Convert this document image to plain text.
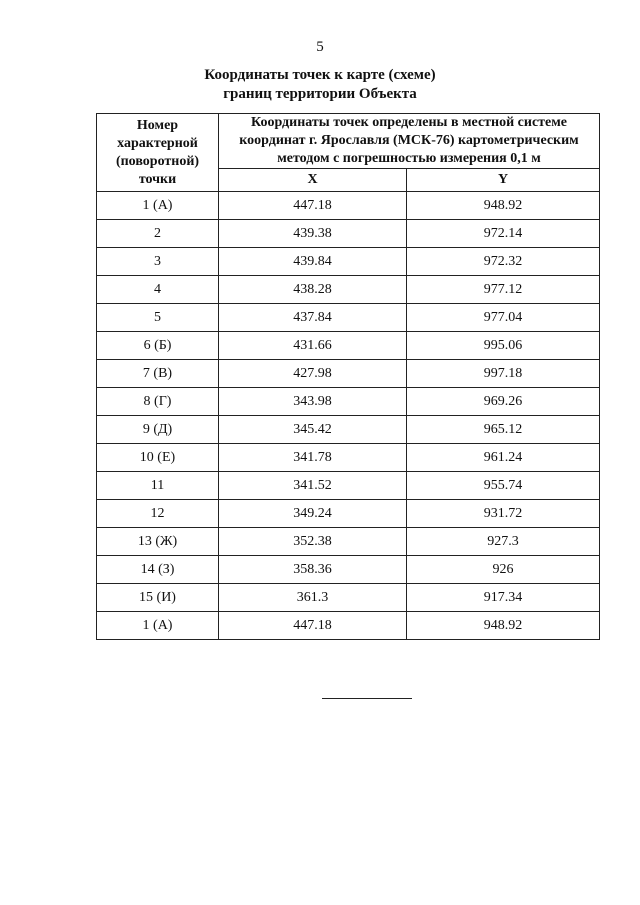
5
Координаты точек к карте (схеме)
границ территории Объекта
Номер
характерной
(поворотной)
точки	Координаты точек определены в местной системе
координат г. Ярославля (МСК-76) картометрическим
методом с погрешностью измерения 0,1 м	

	X	Y
1 (А)	447.18	948.92
2	439.38	972.14
3	439.84	972.32
4	438.28	977.12
5	437.84	977.04
6 (Б)	431.66	995.06
7 (В)	427.98	997.18
8 (Г)	343.98	969.26
9 (Д)	345.42	965.12
10 (Е)	341.78	961.24
11	341.52	955.74
12	349.24	931.72
13 (Ж)	352.38	927.3
14 (З)	358.36	926
15 (И)	361.3	917.34
1 (А)	447.18	948.92
